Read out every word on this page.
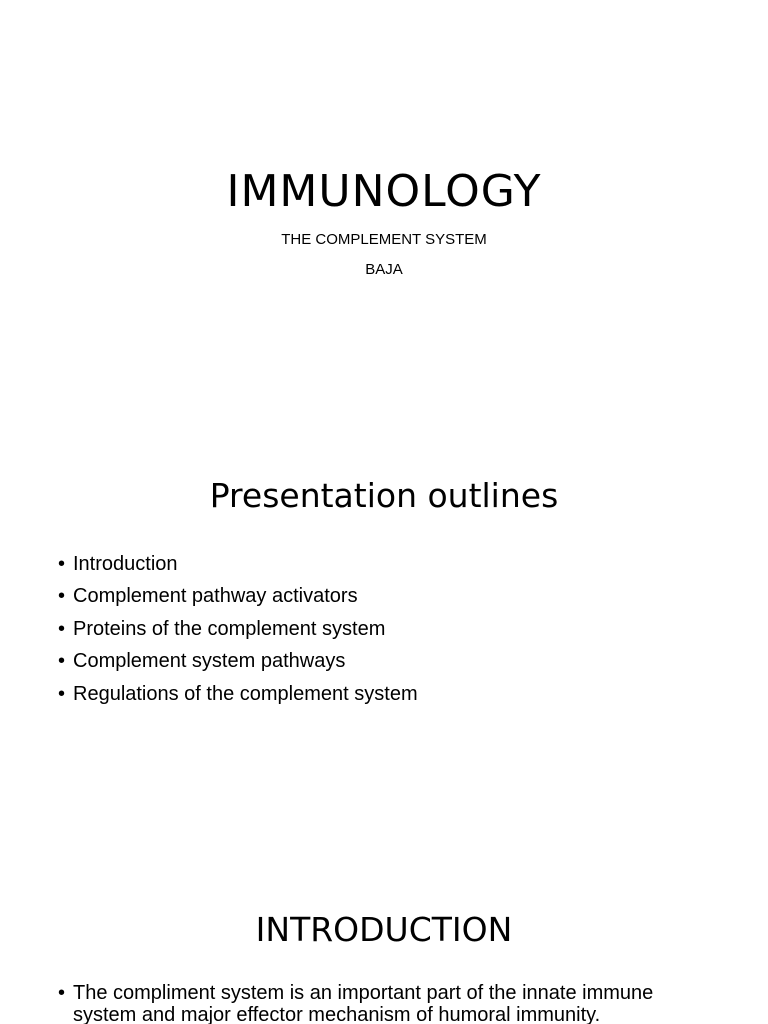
IMMUNOLOGY
THE COMPLEMENT SYSTEM
BAJA
Presentation outlines
• Introduction
• Complement pathway activators
• Proteins of the complement system
• Complement system pathways
• Regulations of the complement system
INTRODUCTION
• The compliment system is an important part of the innate immune system and major effector mechanism of humoral immunity.
